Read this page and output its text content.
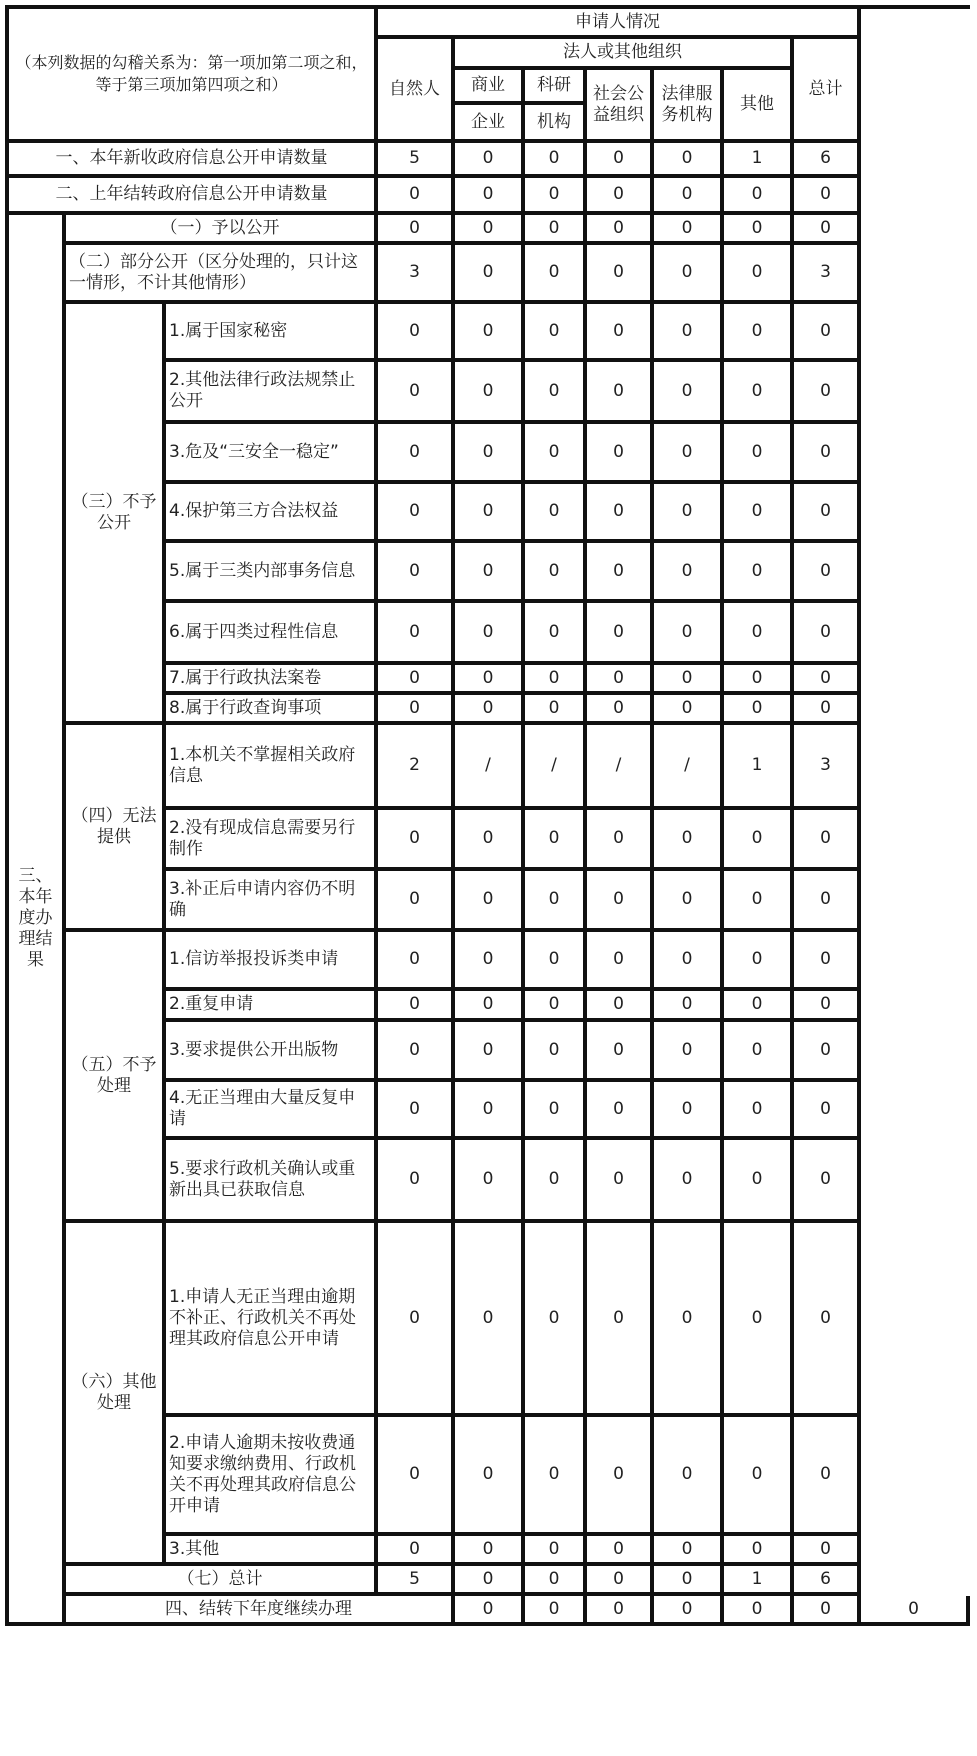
（本列数据的勾稽关系为：第一项加第二项之和，等于第三项加第四项之和）			申请人情况							
			自然人	法人或其他组织					总计	
				商业	科研	社会公益组织	法律服务机构	其他		
				企业	机构					
一、本年新收政府信息公开申请数量			5	0	0	0	0	1	6	
二、上年结转政府信息公开申请数量			0	0	0	0	0	0	0	
三、本年度办理结果	（一）予以公开		0	0	0	0	0	0	0	
	（二）部分公开（区分处理的，只计这一情形，不计其他情形）		3	0	0	0	0	0	3	
	（三）不予公开	1.属于国家秘密	0	0	0	0	0	0	0	
		2.其他法律行政法规禁止公开	0	0	0	0	0	0	0	
		3.危及“三安全一稳定”	0	0	0	0	0	0	0	
		4.保护第三方合法权益	0	0	0	0	0	0	0	
		5.属于三类内部事务信息	0	0	0	0	0	0	0	
		6.属于四类过程性信息	0	0	0	0	0	0	0	
		7.属于行政执法案卷	0	0	0	0	0	0	0	
		8.属于行政查询事项	0	0	0	0	0	0	0	
	（四）无法提供	1.本机关不掌握相关政府信息	2	/	/	/	/	1	3	
		2.没有现成信息需要另行制作	0	0	0	0	0	0	0	
		3.补正后申请内容仍不明确	0	0	0	0	0	0	0	
	（五）不予处理	1.信访举报投诉类申请	0	0	0	0	0	0	0	
		2.重复申请	0	0	0	0	0	0	0	
		3.要求提供公开出版物	0	0	0	0	0	0	0	
		4.无正当理由大量反复申请	0	0	0	0	0	0	0	
		5.要求行政机关确认或重新出具已获取信息	0	0	0	0	0	0	0	
	（六）其他处理	1.申请人无正当理由逾期不补正、行政机关不再处理其政府信息公开申请	0	0	0	0	0	0	0	
		2.申请人逾期未按收费通知要求缴纳费用、行政机关不再处理其政府信息公开申请	0	0	0	0	0	0	0	
		3.其他	0	0	0	0	0	0	0	
	（七）总计		5	0	0	0	0	1	6	
	四、结转下年度继续办理			0	0	0	0	0	0	0
